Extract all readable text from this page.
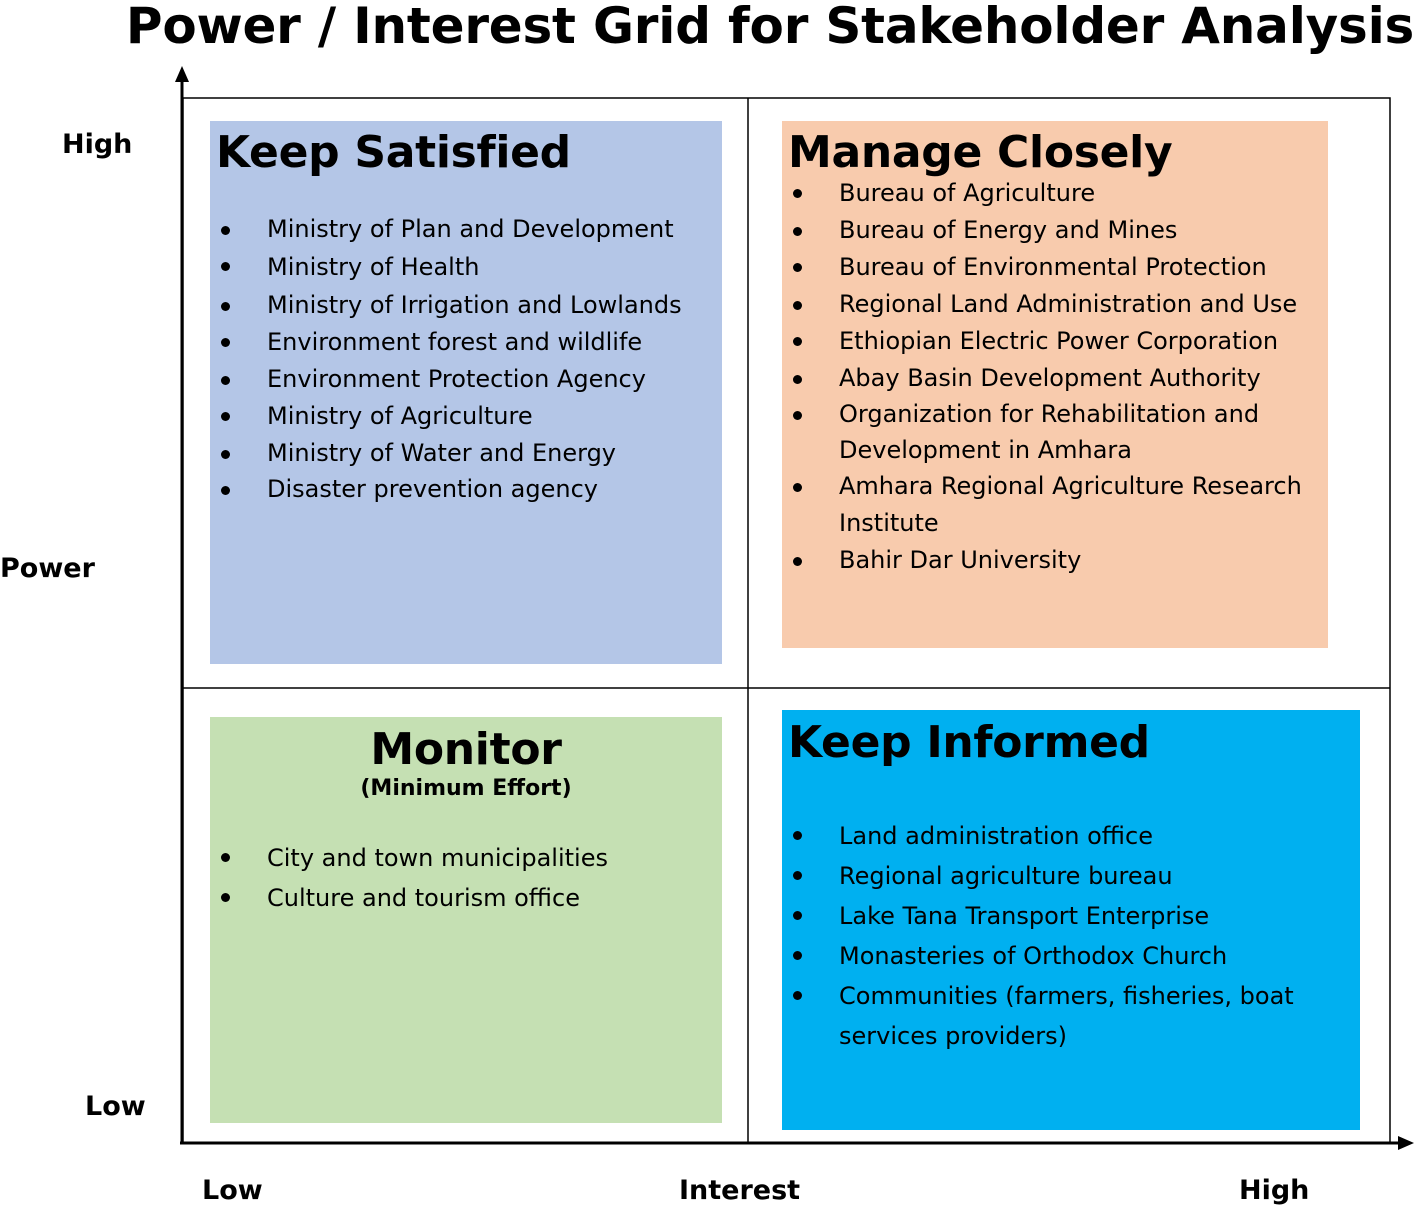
Power / Interest Grid for Stakeholder Analysis
High
Power
Low
Low	Interest	High
Keep Satisfied
Ministry of Plan and Development
Ministry of Health
Ministry of Irrigation and Lowlands
Environment forest and wildlife
Environment Protection Agency
Ministry of Agriculture
Ministry of Water and Energy
Disaster prevention agency
Manage Closely
Bureau of Agriculture
Bureau of Energy and Mines
Bureau of Environmental Protection
Regional Land Administration and Use
Ethiopian Electric Power Corporation
Abay Basin Development Authority
Organization for Rehabilitation and Development in Amhara
Amhara Regional Agriculture Research Institute
Bahir Dar University
Monitor
(Minimum Effort)
City and town municipalities
Culture and tourism office
Keep Informed
Land administration office
Regional agriculture bureau
Lake Tana Transport Enterprise
Monasteries of Orthodox Church
Communities (farmers, fisheries, boat services providers)
